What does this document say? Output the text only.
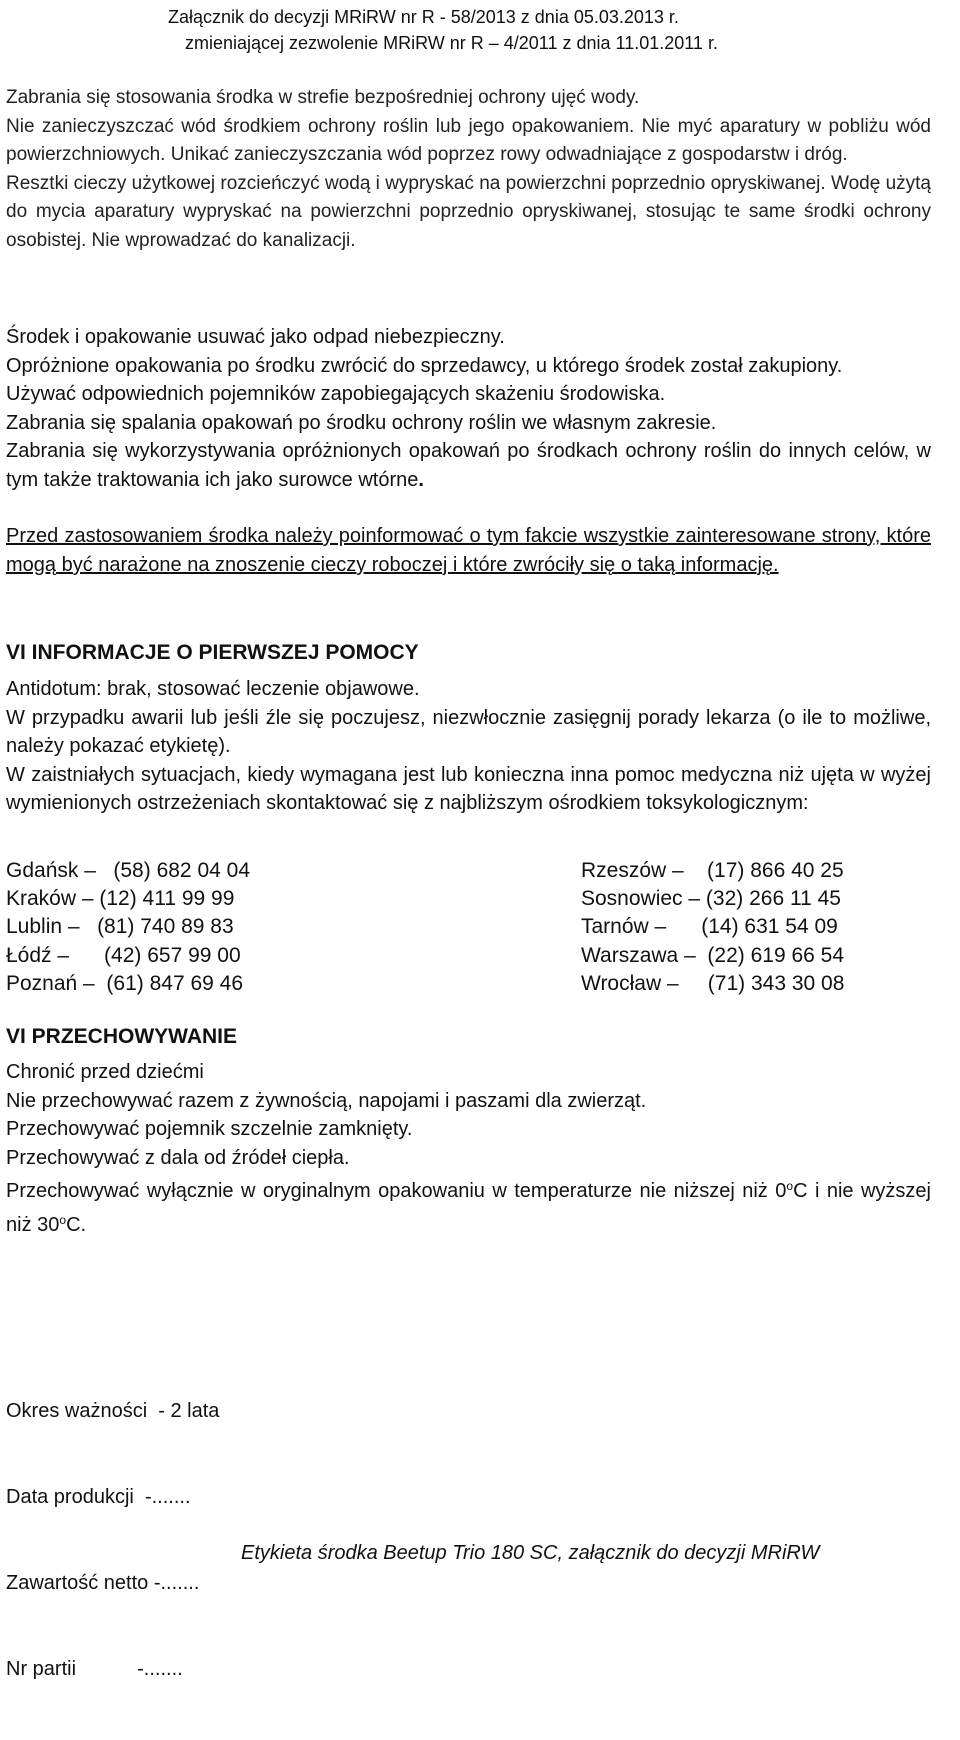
Załącznik do decyzji MRiRW nr R - 58/2013 z dnia 05.03.2013 r.
zmieniającej zezwolenie MRiRW nr R – 4/2011 z dnia 11.01.2011 r.

Zabrania się stosowania środka w strefie bezpośredniej ochrony ujęć wody.

Nie zanieczyszczać wód środkiem ochrony roślin lub jego opakowaniem. Nie myć aparatury w pobliżu wód powierzchniowych. Unikać zanieczyszczania wód poprzez rowy odwadniające z gospodarstw i dróg.

Resztki cieczy użytkowej rozcieńczyć wodą i wypryskać na powierzchni poprzednio opryskiwanej. Wodę użytą do mycia aparatury wypryskać na powierzchni poprzednio opryskiwanej, stosując te same środki ochrony osobistej. Nie wprowadzać do kanalizacji.

Środek i opakowanie usuwać jako odpad niebezpieczny.

Opróżnione opakowania po środku zwrócić do sprzedawcy, u którego środek został zakupiony.

Używać odpowiednich pojemników zapobiegających skażeniu środowiska.

Zabrania się spalania opakowań po środku ochrony roślin we własnym zakresie.

Zabrania się wykorzystywania opróżnionych opakowań po środkach ochrony roślin do innych celów, w tym także traktowania ich jako surowce wtórne.

Przed zastosowaniem środka należy poinformować o tym fakcie wszystkie zainteresowane strony, które mogą być narażone na znoszenie cieczy roboczej i które zwróciły się o taką informację.
VI INFORMACJE O PIERWSZEJ POMOCY

Antidotum: brak, stosować leczenie objawowe.

W przypadku awarii lub jeśli źle się poczujesz, niezwłocznie zasięgnij porady lekarza (o ile to możliwe, należy pokazać etykietę).

W zaistniałych sytuacjach, kiedy wymagana jest lub konieczna inna pomoc medyczna niż ujęta w wyżej wymienionych ostrzeżeniach skontaktować się z najbliższym ośrodkiem toksykologicznym:

Gdańsk –   (58) 682 04 04
Kraków – (12) 411 99 99
Lublin –   (81) 740 89 83
Łódź –      (42) 657 99 00
Poznań –  (61) 847 69 46
Rzeszów –    (17) 866 40 25
Sosnowiec – (32) 266 11 45
Tarnów –      (14) 631 54 09
Warszawa –  (22) 619 66 54
Wrocław –     (71) 343 30 08
VI PRZECHOWYWANIE

Chronić przed dziećmi

Nie przechowywać razem z żywnością, napojami i paszami dla zwierząt.

Przechowywać pojemnik szczelnie zamknięty.

Przechowywać z dala od źródeł ciepła.

Przechowywać wyłącznie w oryginalnym opakowaniu w temperaturze nie niższej niż 0$^o$C i nie wyższej niż 30$^o$C.

Okres ważności  - 2 lata

Data produkcji  -.......

Zawartość netto -.......

Nr partii           -.......

Etykieta środka Beetup Trio 180 SC, załącznik do decyzji MRiRW
